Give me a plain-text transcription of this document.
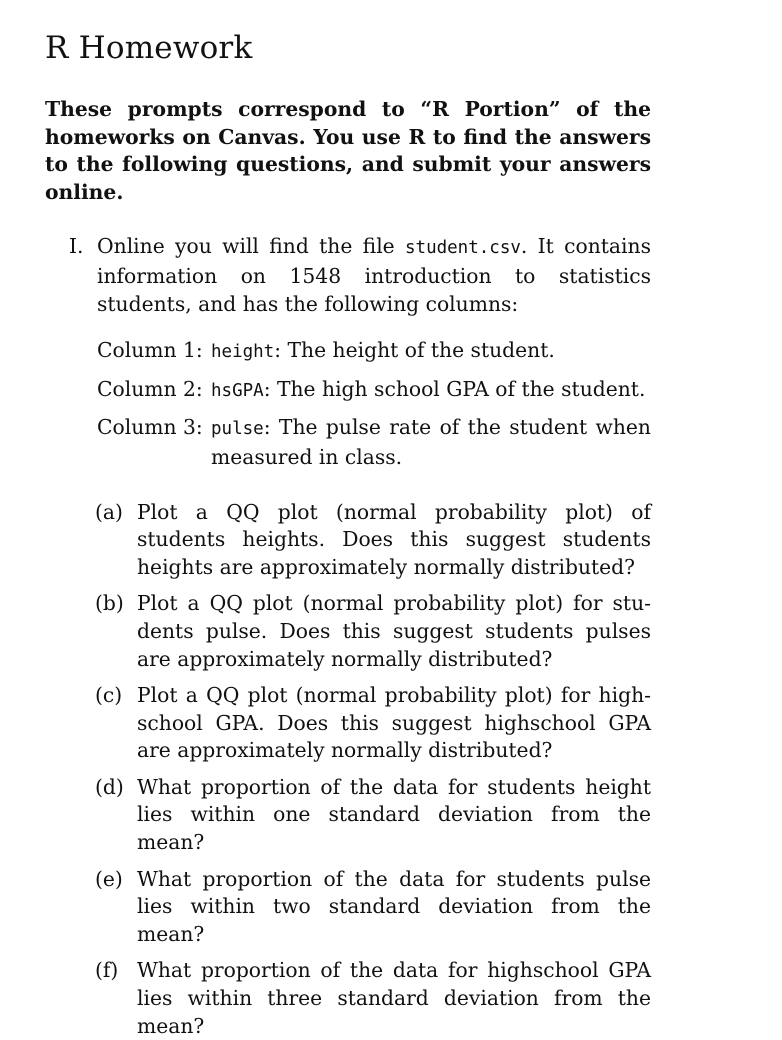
R Homework
These prompts correspond to “R Portion” of the homeworks on Canvas. You use R to find the answers to the following questions, and submit your answers online.
I. Online you will find the file student.csv. It contains information on 1548 introduction to statistics students, and has the following columns:
Column 1: height: The height of the student.
Column 2: hsGPA: The high school GPA of the student.
Column 3: pulse: The pulse rate of the student when measured in class.
(a) Plot a QQ plot (normal probability plot) of students heights. Does this suggest students heights are approximately normally distributed?
(b) Plot a QQ plot (normal probability plot) for students pulse. Does this suggest students pulses are approximately normally distributed?
(c) Plot a QQ plot (normal probability plot) for highschool GPA. Does this suggest highschool GPA are approximately normally distributed?
(d) What proportion of the data for students height lies within one standard deviation from the mean?
(e) What proportion of the data for students pulse lies within two standard deviation from the mean?
(f) What proportion of the data for highschool GPA lies within three standard deviation from the mean?
